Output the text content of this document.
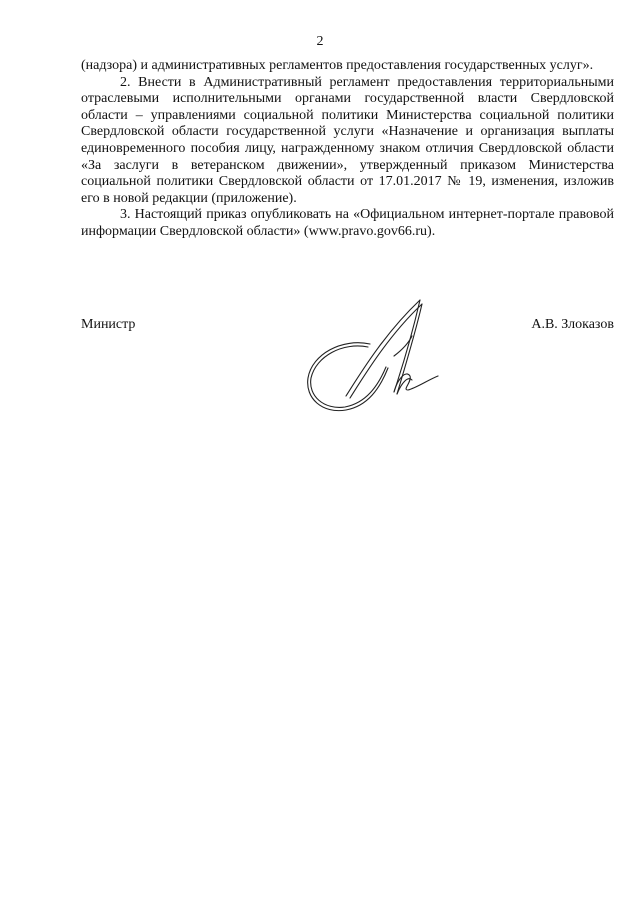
2

(надзора) и административных регламентов предоставления государственных услуг».

2. Внести в Административный регламент предоставления территориальными отраслевыми исполнительными органами государственной власти Свердловской области – управлениями социальной политики Министерства социальной политики Свердловской области государственной услуги «Назначение и организация выплаты единовременного пособия лицу, награжденному знаком отличия Свердловской области «За заслуги в ветеранском движении», утвержденный приказом Министерства социальной политики Свердловской области от 17.01.2017 № 19, изменения, изложив его в новой редакции (приложение).

3. Настоящий приказ опубликовать на «Официальном интернет-портале правовой информации Свердловской области» (www.pravo.gov66.ru).

Министр	А.В. Злоказов
